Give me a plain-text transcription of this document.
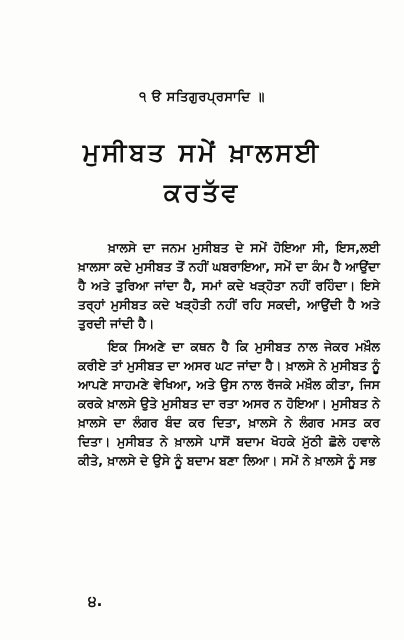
੧ ੳ ਸਤਿਗੁਰਪ੍ਰਸਾਦਿ ॥
ਮੁਸੀਬਤ ਸਮੇਂ ਖ਼ਾਲਸਈ
ਕਰਤੱਵ

ਖ਼ਾਲਸੇ ਦਾ ਜਨਮ ਮੁਸੀਬਤ ਦੇ ਸਮੇਂ ਹੋਇਆ ਸੀ, ਇਸ,ਲਈ ਖ਼ਾਲਸਾ ਕਦੇ ਮੁਸੀਬਤ ਤੋਂ ਨਹੀਂ ਘਬਰਾਇਆ, ਸਮੇਂ ਦਾ ਕੰਮ ਹੈ ਆਉਂਦਾ ਹੈ ਅਤੇ ਤੁਰਿਆ ਜਾਂਦਾ ਹੈ, ਸਮਾਂ ਕਦੇ ਖੜ੍ਹੋਤਾ ਨਹੀਂ ਰਹਿੰਦਾ। ਇਸੇ ਤਰ੍ਹਾਂ ਮੁਸੀਬਤ ਕਦੇ ਖੜ੍ਹੋਤੀ ਨਹੀਂ ਰਹਿ ਸਕਦੀ, ਆਉਂਦੀ ਹੈ ਅਤੇ ਤੁਰਦੀ ਜਾਂਦੀ ਹੈ।

ਇਕ ਸਿਅਣੇ ਦਾ ਕਥਨ ਹੈ ਕਿ ਮੁਸੀਬਤ ਨਾਲ ਜੇਕਰ ਮਖ਼ੌਲ ਕਰੀਏ ਤਾਂ ਮੁਸੀਬਤ ਦਾ ਅਸਰ ਘਟ ਜਾਂਦਾ ਹੈ। ਖ਼ਾਲਸੇ ਨੇ ਮੁਸੀਬਤ ਨੂੰ ਆਪਣੇ ਸਾਹਮਣੇ ਵੇਖਿਆ, ਅਤੇ ਉਸ ਨਾਲ ਰੱਜਕੇ ਮਖ਼ੌਲ ਕੀਤਾ, ਜਿਸ ਕਰਕੇ ਖ਼ਾਲਸੇ ਉਤੇ ਮੁਸੀਬਤ ਦਾ ਰਤਾ ਅਸਰ ਨ ਹੋਇਆ। ਮੁਸੀਬਤ ਨੇ ਖ਼ਾਲਸੇ ਦਾ ਲੰਗਰ ਬੰਦ ਕਰ ਦਿਤਾ, ਖ਼ਾਲਸੇ ਨੇ ਲੰਗਰ ਮਸਤ ਕਰ ਦਿਤਾ। ਮੁਸੀਬਤ ਨੇ ਖ਼ਾਲਸੇ ਪਾਸੋਂ ਬਦਾਮ ਖੋਹਕੇ ਮੁੱਠੀ ਛੋਲੇ ਹਵਾਲੇ ਕੀਤੇ, ਖ਼ਾਲਸੇ ਦੇ ਉਸੇ ਨੂੰ ਬਦਾਮ ਬਣਾ ਲਿਆ। ਸਮੇਂ ਨੇ ਖ਼ਾਲਸੇ ਨੂੰ ਸਭ

੪.
